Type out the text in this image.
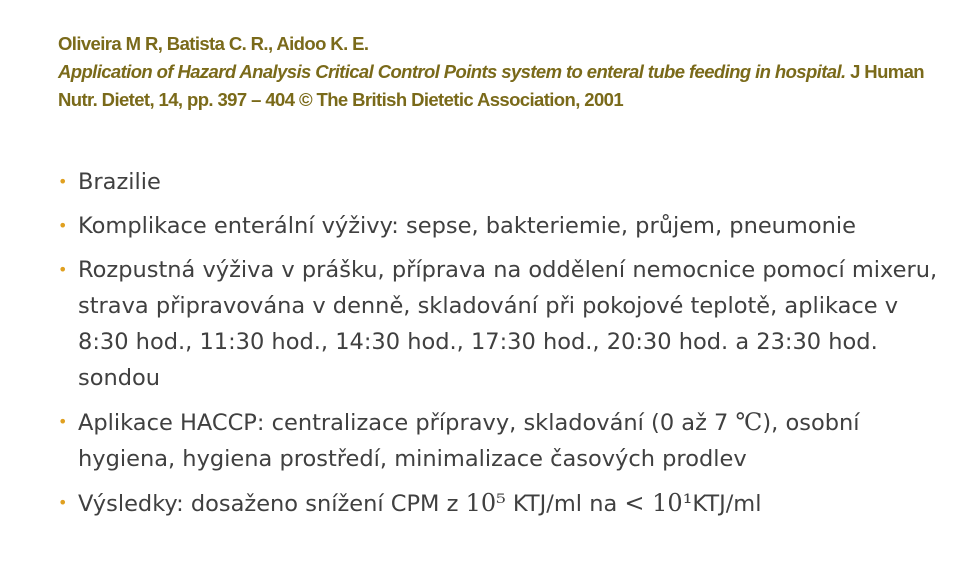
Oliveira M R, Batista C. R., Aidoo K. E.
Application of Hazard Analysis Critical Control Points system to enteral tube feeding in hospital. J Human Nutr. Dietet, 14, pp. 397 – 404 © The British Dietetic Association, 2001
• Brazilie
• Komplikace enterální výživy: sepse, bakteriemie, průjem, pneumonie
• Rozpustná výživa v prášku, příprava na oddělení nemocnice pomocí mixeru, strava připravována v denně, skladování při pokojové teplotě, aplikace v 8:30 hod., 11:30 hod., 14:30 hod., 17:30 hod., 20:30 hod. a 23:30 hod. sondou
• Aplikace HACCP: centralizace přípravy, skladování (0 až 7 ℃), osobní hygiena, hygiena prostředí, minimalizace časových prodlev
• Výsledky: dosaženo snížení CPM z 10⁵ KTJ/ml na < 10¹KTJ/ml
